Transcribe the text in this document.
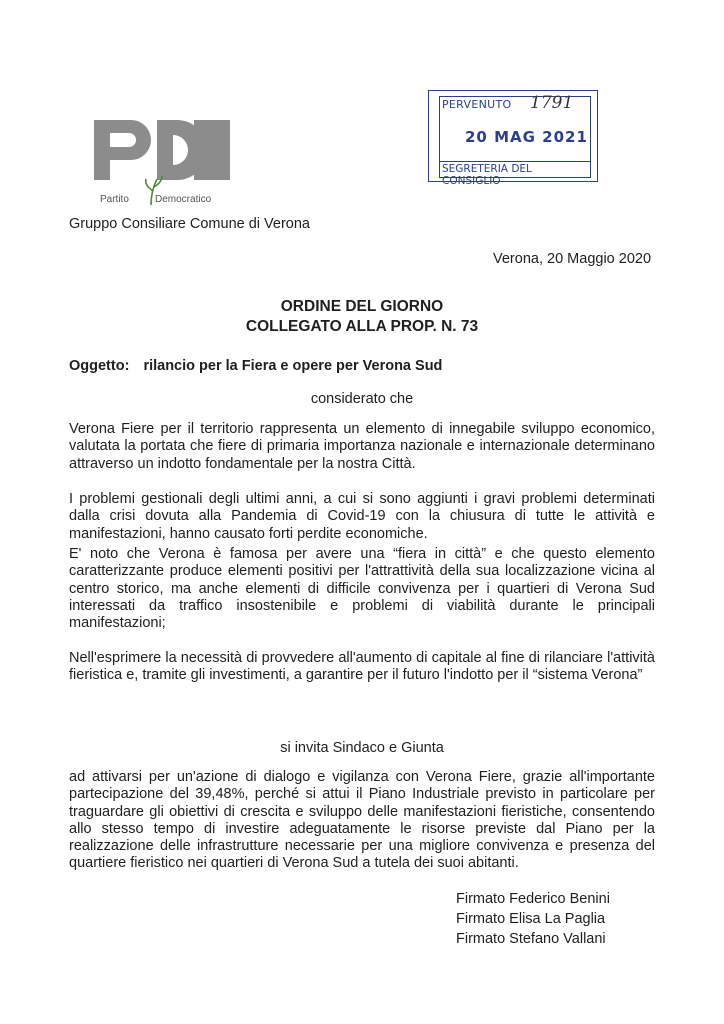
Partito	Democratico
Gruppo Consiliare Comune di Verona
PERVENUTO 1791
20 MAG 2021
SEGRETERIA DEL CONSIGLIO
Verona, 20 Maggio 2020
ORDINE DEL GIORNO
COLLEGATO ALLA PROP. N. 73
Oggetto: rilancio per la Fiera e opere per Verona Sud
considerato che

Verona Fiere per il territorio rappresenta un elemento di innegabile sviluppo economico, valutata la portata che fiere di primaria importanza nazionale e internazionale determinano attraverso un indotto fondamentale per la nostra Città.

I problemi gestionali degli ultimi anni, a cui si sono aggiunti i gravi problemi determinati dalla crisi dovuta alla Pandemia di Covid-19 con la chiusura di tutte le attività e manifestazioni, hanno causato forti perdite economiche.

E' noto che Verona è famosa per avere una “fiera in città” e che questo elemento caratterizzante produce elementi positivi per l'attrattività della sua localizzazione vicina al centro storico, ma anche elementi di difficile convivenza per i quartieri di Verona Sud interessati da traffico insostenibile e problemi di viabilità durante le principali manifestazioni;

Nell'esprimere la necessità di provvedere all'aumento di capitale al fine di rilanciare l'attività fieristica e, tramite gli investimenti, a garantire per il futuro l'indotto per il “sistema Verona”

si invita Sindaco e Giunta

ad attivarsi per un'azione di dialogo e vigilanza con Verona Fiere, grazie all'importante partecipazione del 39,48%, perché si attui il Piano Industriale previsto in particolare per traguardare gli obiettivi di crescita e sviluppo delle manifestazioni fieristiche, consentendo allo stesso tempo di investire adeguatamente le risorse previste dal Piano per la realizzazione delle infrastrutture necessarie per una migliore convivenza e presenza del quartiere fieristico nei quartieri di Verona Sud a tutela dei suoi abitanti.

Firmato Federico Benini
Firmato Elisa La Paglia
Firmato Stefano Vallani
